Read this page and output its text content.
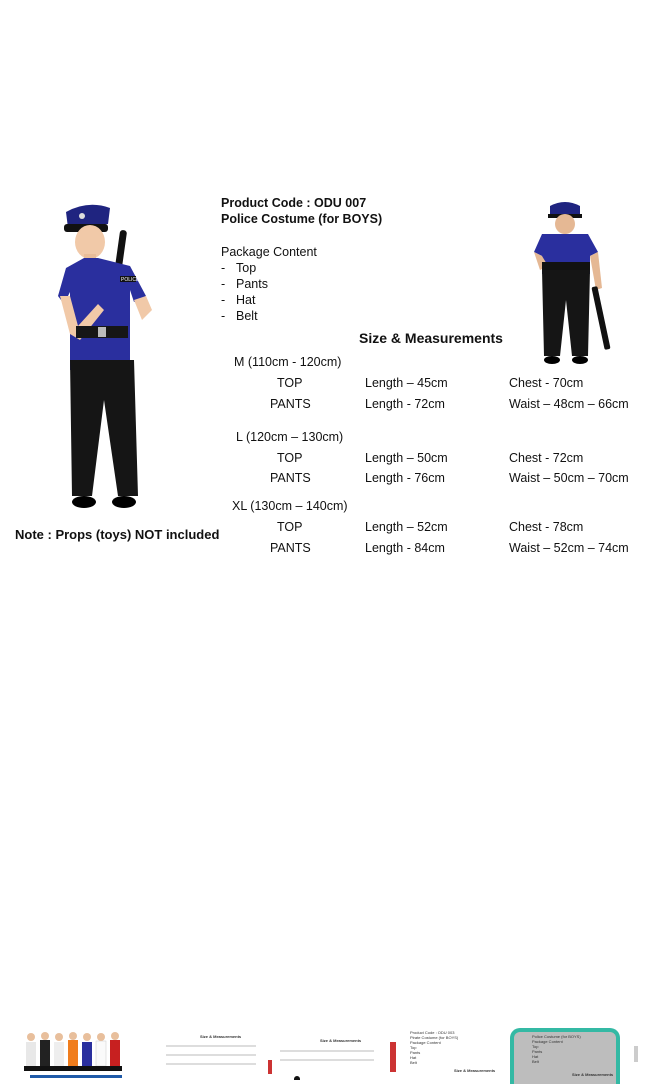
POLICE
Product Code : ODU 007
Police Costume (for BOYS)
Package Content
- Top
- Pants
- Hat
- Belt
Size & Measurements
M (110cm - 120cm)
TOP	Length – 45cm	Chest - 70cm
PANTS	Length - 72cm	Waist – 48cm – 66cm
L (120cm – 130cm)
TOP	Length – 50cm	Chest - 72cm
PANTS	Length - 76cm	Waist – 50cm – 70cm
XL (130cm – 140cm)
TOP	Length – 52cm	Chest - 78cm
PANTS	Length - 84cm	Waist – 52cm – 74cm
Note : Props (toys) NOT included
Size & Measurements
Size & Measurements
Product Code : ODU 003
Pirate Costume (for BOYS)
Package Content
Top
Pants
Hat
Belt
Size & Measurements
Police Costume (for BOYS)
Package Content
Top
Pants
Hat
Belt
Size & Measurements
